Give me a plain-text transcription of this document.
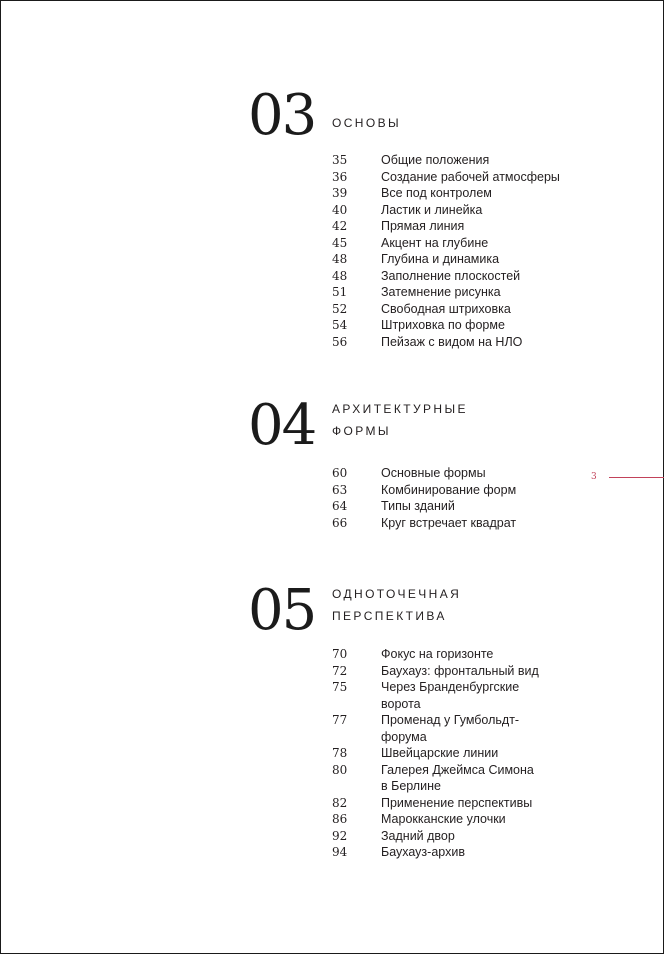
03 ОСНОВЫ
35	Общие положения
36	Создание рабочей атмосферы
39	Все под контролем
40	Ластик и линейка
42	Прямая линия
45	Акцент на глубине
48	Глубина и динамика
48	Заполнение плоскостей
51	Затемнение рисунка
52	Свободная штриховка
54	Штриховка по форме
56	Пейзаж с видом на НЛО
04 АРХИТЕКТУРНЫЕ
ФОРМЫ
60	Основные формы
63	Комбинирование форм
64	Типы зданий
66	Круг встречает квадрат
05 ОДНОТОЧЕЧНАЯ
ПЕРСПЕКТИВА
70	Фокус на горизонте
72	Баухауз: фронтальный вид
75	Через Бранденбургские ворота
77	Променад у Гумбольдт-форума
78	Швейцарские линии
80	Галерея Джеймса Симона в Берлине
82	Применение перспективы
86	Марокканские улочки
92	Задний двор
94	Баухауз-архив
3
